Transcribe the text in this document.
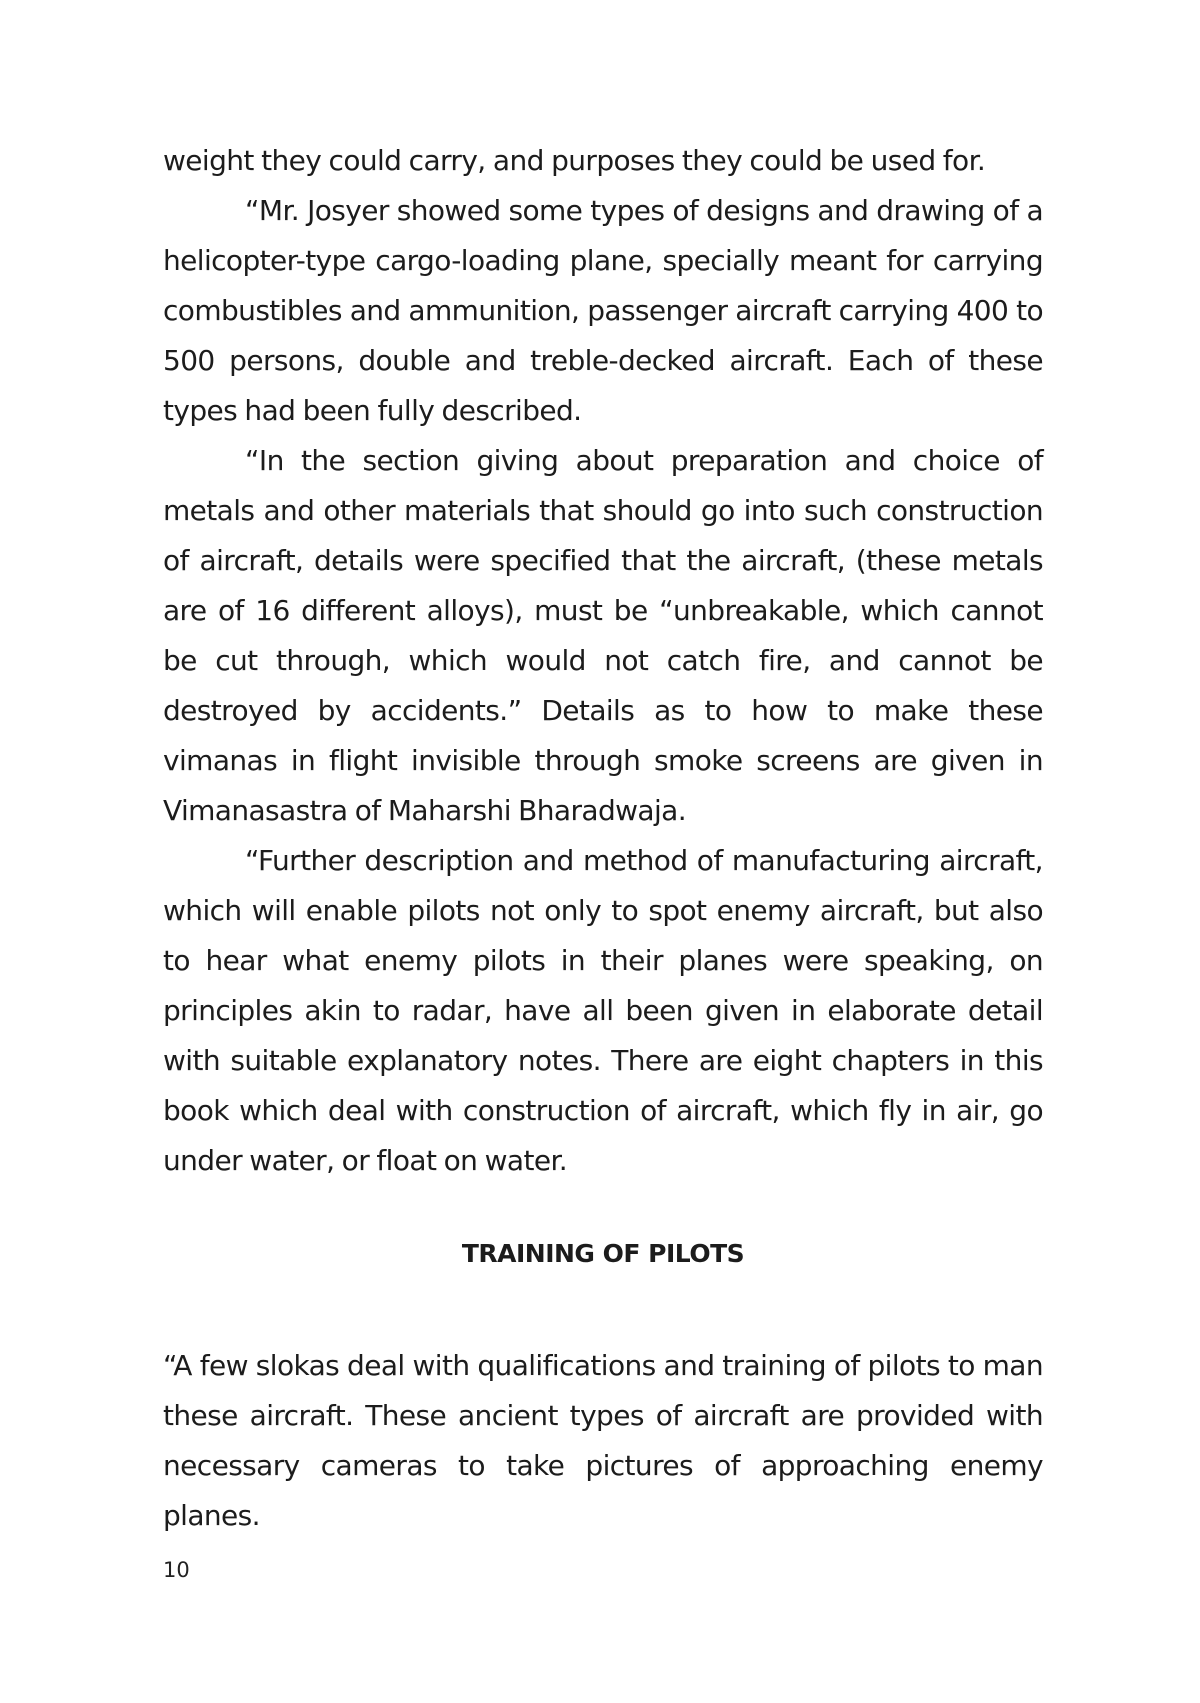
weight they could carry, and purposes they could be used for.

“Mr. Josyer showed some types of designs and drawing of a helicopter-type cargo-loading plane, specially meant for carrying combustibles and ammunition, passenger aircraft carrying 400 to 500 persons, double and treble-decked aircraft. Each of these types had been fully described.

“In the section giving about preparation and choice of metals and other materials that should go into such construction of aircraft, details were specified that the aircraft, (these metals are of 16 different alloys), must be “unbreakable, which cannot be cut through, which would not catch fire, and cannot be destroyed by accidents.” Details as to how to make these vimanas in flight invisible through smoke screens are given in Vimanasastra of Maharshi Bharadwaja.

“Further description and method of manufacturing aircraft, which will enable pilots not only to spot enemy aircraft, but also to hear what enemy pilots in their planes were speaking, on principles akin to radar, have all been given in elaborate detail with suitable explanatory notes. There are eight chapters in this book which deal with construction of aircraft, which fly in air, go under water, or float on water.

TRAINING OF PILOTS

“A few slokas deal with qualifications and training of pilots to man these aircraft. These ancient types of aircraft are provided with necessary cameras to take pictures of approaching enemy planes.

10
